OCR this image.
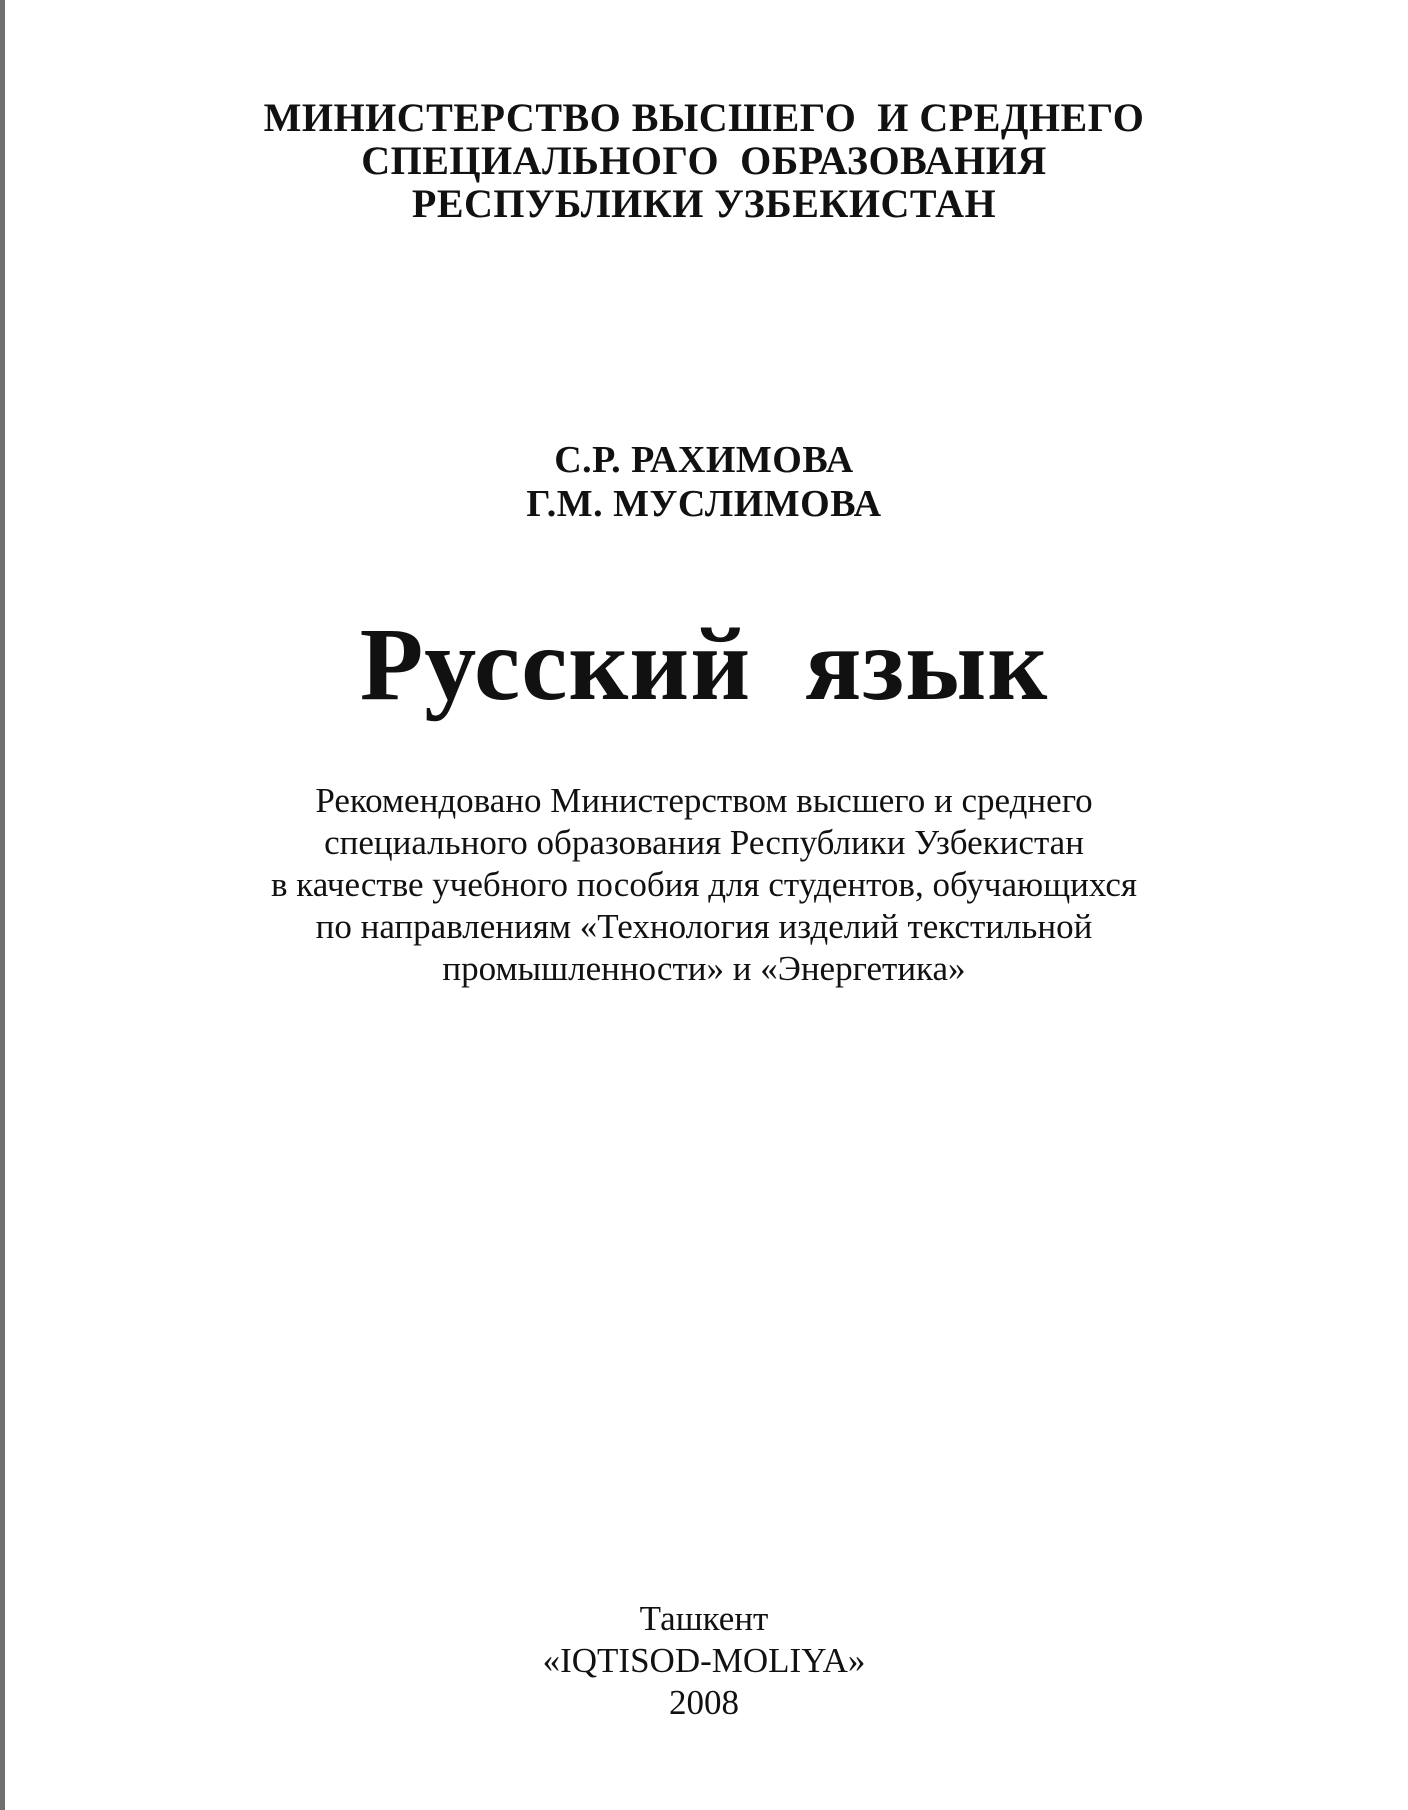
МИНИСТЕРСТВО ВЫСШЕГО  И СРЕДНЕГО
СПЕЦИАЛЬНОГО  ОБРАЗОВАНИЯ
РЕСПУБЛИКИ УЗБЕКИСТАН
С.Р. РАХИМОВА
Г.М. МУСЛИМОВА
Русский  язык
Рекомендовано Министерством высшего и среднего
специального образования Республики Узбекистан
в качестве учебного пособия для студентов, обучающихся
по направлениям «Технология изделий текстильной
промышленности» и «Энергетика»
Ташкент
«IQTISOD-MOLIYA»
2008
